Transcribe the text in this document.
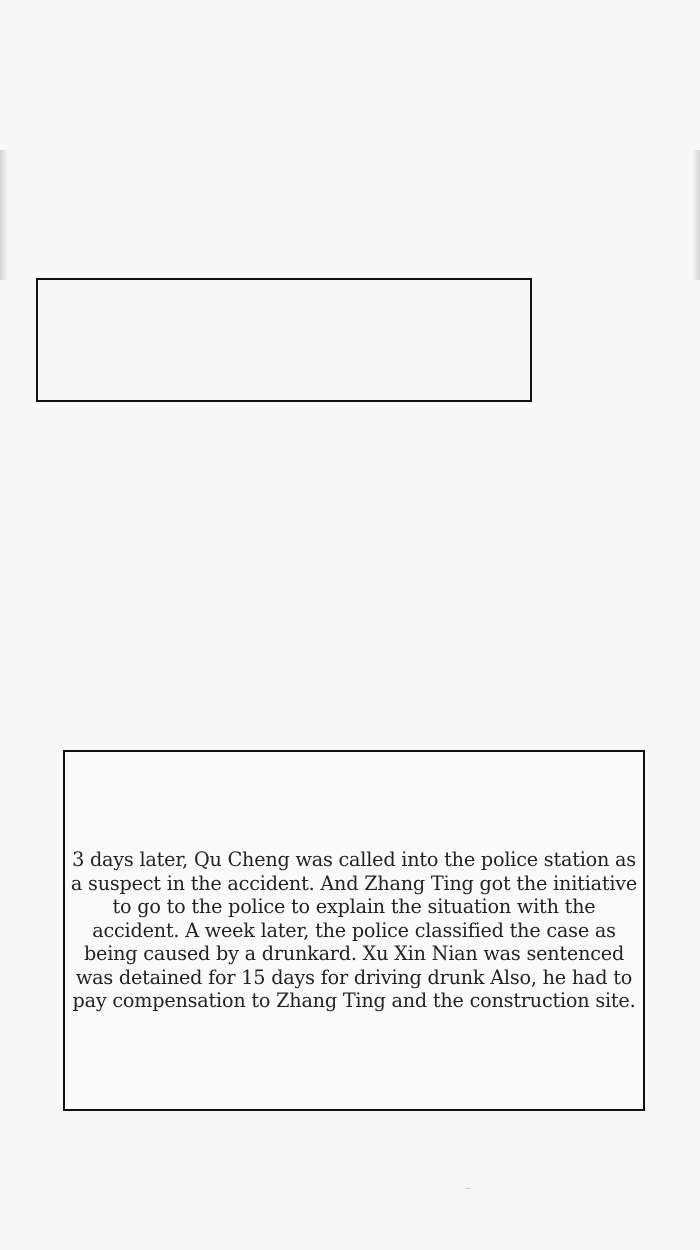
3 days later, Qu Cheng was called into the police station as a suspect in the accident. And Zhang Ting got the initiative to go to the police to explain the situation with the accident. A week later, the police classified the case as being caused by a drunkard. Xu Xin Nian was sentenced was detained for 15 days for driving drunk Also, he had to pay compensation to Zhang Ting and the construction site.
